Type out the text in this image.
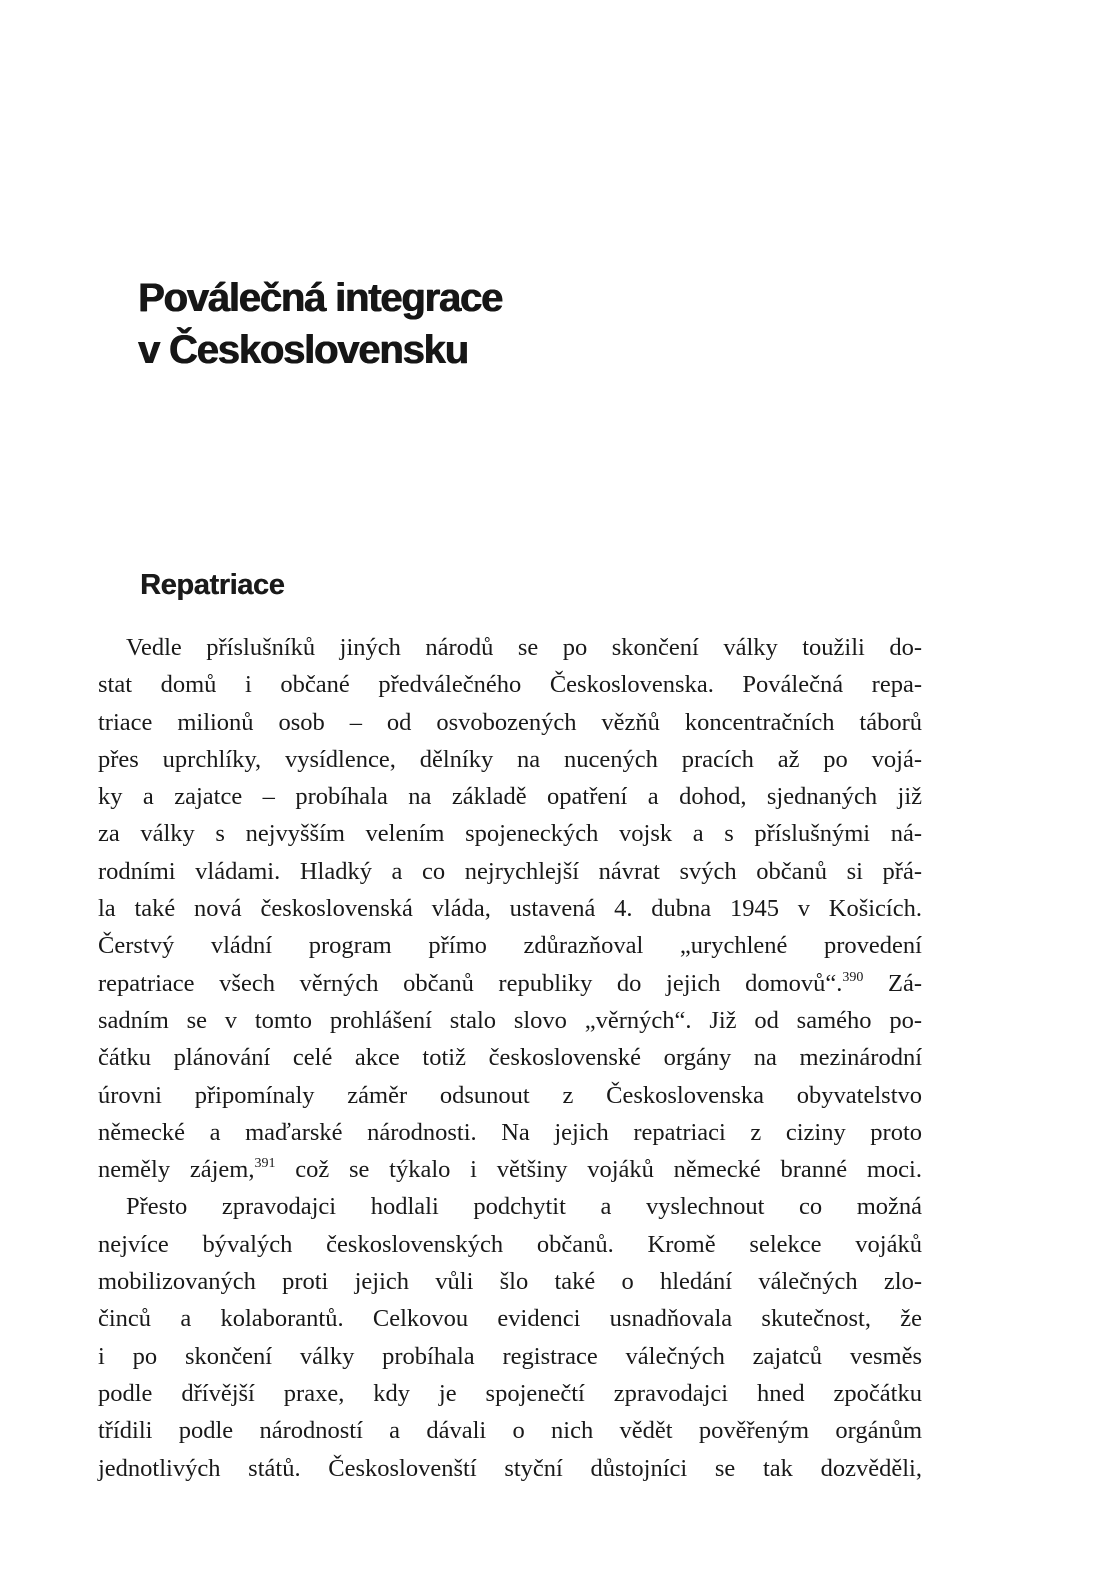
Poválečná integrace
v Československu
Repatriace
Vedle příslušníků jiných národů se po skončení války toužili do-
stat domů i občané předválečného Československa. Poválečná repa-
triace milionů osob – od osvobozených vězňů koncentračních táborů
přes uprchlíky, vysídlence, dělníky na nucených pracích až po vojá-
ky a zajatce – probíhala na základě opatření a dohod, sjednaných již
za války s nejvyšším velením spojeneckých vojsk a s příslušnými ná-
rodními vládami. Hladký a co nejrychlejší návrat svých občanů si přá-
la také nová československá vláda, ustavená 4. dubna 1945 v Košicích.
Čerstvý vládní program přímo zdůrazňoval „urychlené provedení
repatriace všech věrných občanů republiky do jejich domovů“.$^{390}$ Zá-
sadním se v tomto prohlášení stalo slovo „věrných“. Již od samého po-
čátku plánování celé akce totiž československé orgány na mezinárodní
úrovni připomínaly záměr odsunout z Československa obyvatelstvo
německé a maďarské národnosti. Na jejich repatriaci z ciziny proto
neměly zájem,$^{391}$ což se týkalo i většiny vojáků německé branné moci.
Přesto zpravodajci hodlali podchytit a vyslechnout co možná
nejvíce bývalých československých občanů. Kromě selekce vojáků
mobilizovaných proti jejich vůli šlo také o hledání válečných zlo-
činců a kolaborantů. Celkovou evidenci usnadňovala skutečnost, že
i po skončení války probíhala registrace válečných zajatců vesměs
podle dřívější praxe, kdy je spojenečtí zpravodajci hned zpočátku
třídili podle národností a dávali o nich vědět pověřeným orgánům
jednotlivých států. Českoslovenští styční důstojníci se tak dozvěděli,
